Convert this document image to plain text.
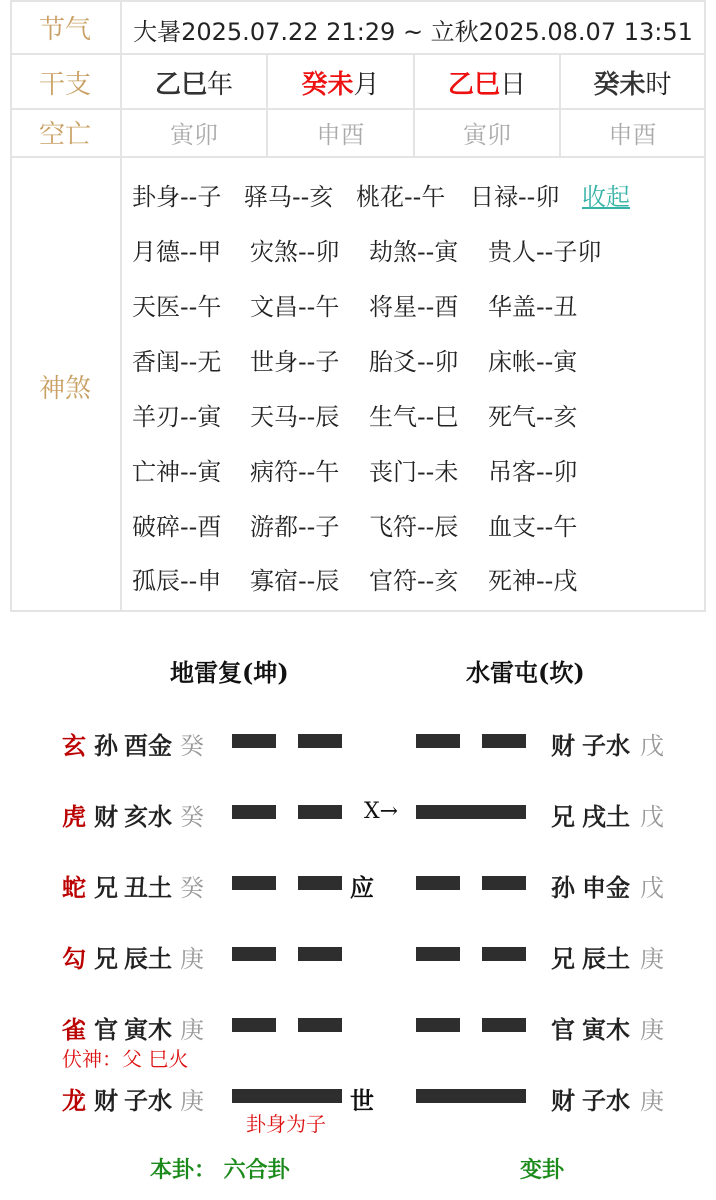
节气	大暑2025.07.22 21:29 ~ 立秋2025.08.07 13:51
干支	乙巳年	癸未月	乙巳日	癸未时
空亡	寅卯	申酉	寅卯	申酉
神煞
卦身--子 驿马--亥 桃花--午 日禄--卯 收起
月德--甲 灾煞--卯 劫煞--寅 贵人--子卯
天医--午 文昌--午 将星--酉 华盖--丑
香闺--无 世身--子 胎爻--卯 床帐--寅
羊刃--寅 天马--辰 生气--巳 死气--亥
亡神--寅 病符--午 丧门--未 吊客--卯
破碎--酉 游都--子 飞符--辰 血支--午
孤辰--申 寡宿--辰 官符--亥 死神--戌
地雷复(坤)	水雷屯(坎)
玄 孙 酉金 癸	财 子水 戊
虎 财 亥水 癸	X→	兄 戌土 戊
蛇 兄 丑土 癸	应	孙 申金 戊
勾 兄 辰土 庚	兄 辰土 庚
雀 官 寅木 庚	官 寅木 庚
龙 财 子水 庚	世	财 子水 庚
伏神：父 巳火
卦身为子
本卦： 六合卦	变卦
